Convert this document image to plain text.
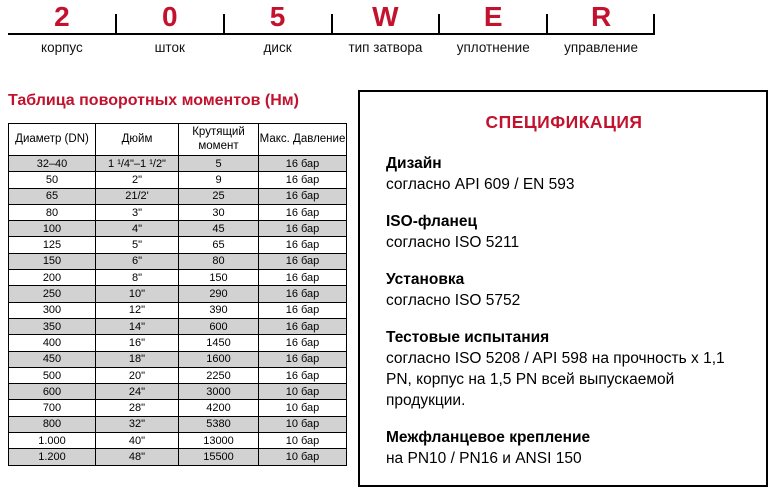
2	0	5	W	E	R
корпус	шток	диск	тип затвора	уплотнение	управление
Таблица поворотных моментов (Нм)
Диаметр (DN)	Дюйм	Крутящий момент	Макс. Давление
32–40	1 ¹/4"–1 ¹/2"	5	16 бар
50	2"	9	16 бар
65	21/2'	25	16 бар
80	3"	30	16 бар
100	4"	45	16 бар
125	5"	65	16 бар
150	6"	80	16 бар
200	8"	150	16 бар
250	10"	290	16 бар
300	12"	390	16 бар
350	14"	600	16 бар
400	16"	1450	16 бар
450	18"	1600	16 бар
500	20"	2250	16 бар
600	24"	3000	10 бар
700	28"	4200	10 бар
800	32"	5380	10 бар
1.000	40"	13000	10 бар
1.200	48"	15500	10 бар
СПЕЦИФИКАЦИЯ
Дизайн
согласно API 609 / EN 593
ISO-фланец
согласно ISO 5211
Установка
согласно ISO 5752
Тестовые испытания
согласно ISO 5208 / API 598 на прочность x 1,1 PN, корпус на 1,5 PN всей выпускаемой продукции.
Межфланцевое крепление
на PN10 / PN16 и ANSI 150
